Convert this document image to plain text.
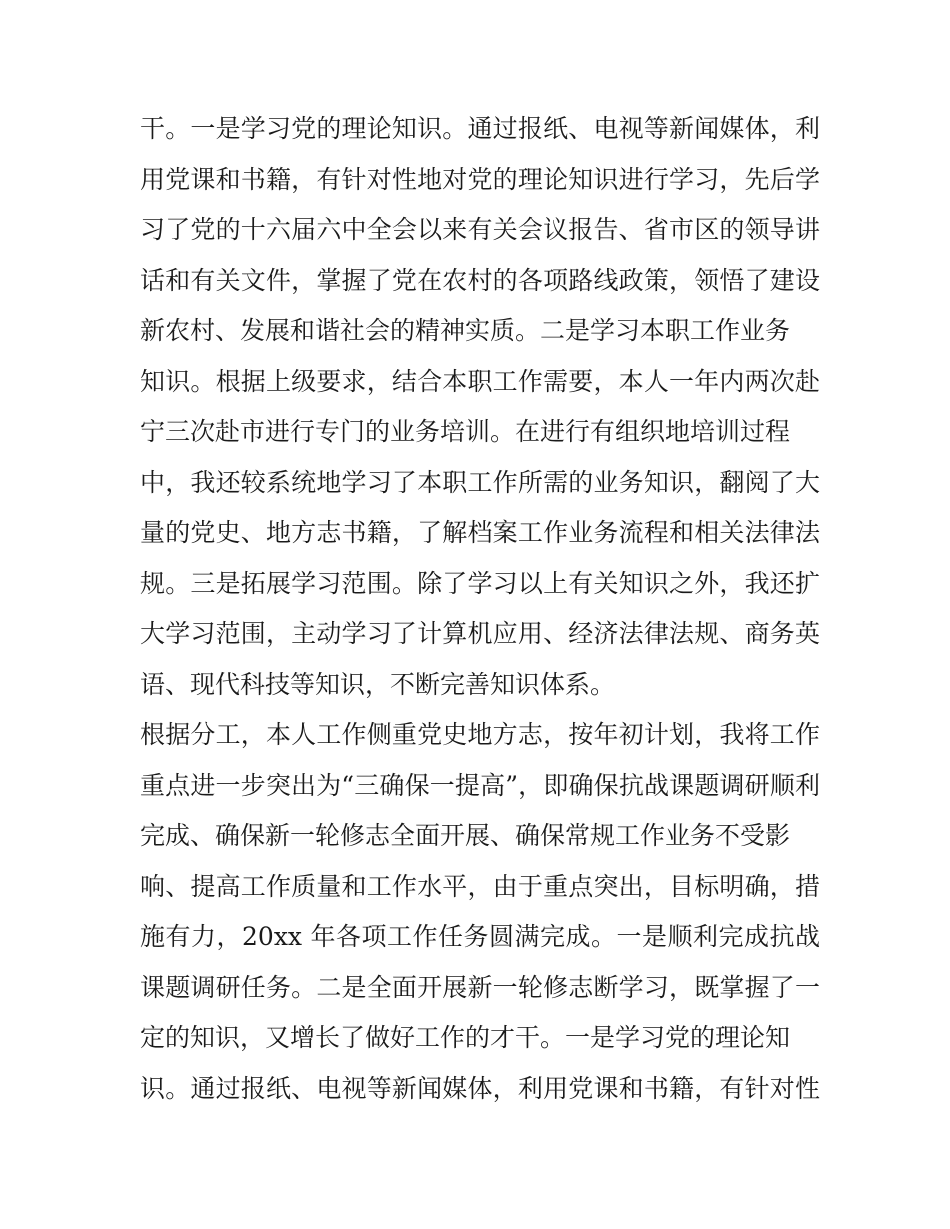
干。一是学习党的理论知识。通过报纸、电视等新闻媒体，利
用党课和书籍，有针对性地对党的理论知识进行学习，先后学
习了党的十六届六中全会以来有关会议报告、省市区的领导讲
话和有关文件，掌握了党在农村的各项路线政策，领悟了建设
新农村、发展和谐社会的精神实质。二是学习本职工作业务
知识。根据上级要求，结合本职工作需要，本人一年内两次赴
宁三次赴市进行专门的业务培训。在进行有组织地培训过程
中，我还较系统地学习了本职工作所需的业务知识，翻阅了大
量的党史、地方志书籍，了解档案工作业务流程和相关法律法
规。三是拓展学习范围。除了学习以上有关知识之外，我还扩
大学习范围，主动学习了计算机应用、经济法律法规、商务英
语、现代科技等知识，不断完善知识体系。
根据分工，本人工作侧重党史地方志，按年初计划，我将工作
重点进一步突出为“三确保一提高”，即确保抗战课题调研顺利
完成、确保新一轮修志全面开展、确保常规工作业务不受影
响、提高工作质量和工作水平，由于重点突出，目标明确，措
施有力，20xx 年各项工作任务圆满完成。一是顺利完成抗战
课题调研任务。二是全面开展新一轮修志断学习，既掌握了一
定的知识，又增长了做好工作的才干。一是学习党的理论知
识。通过报纸、电视等新闻媒体，利用党课和书籍，有针对性
